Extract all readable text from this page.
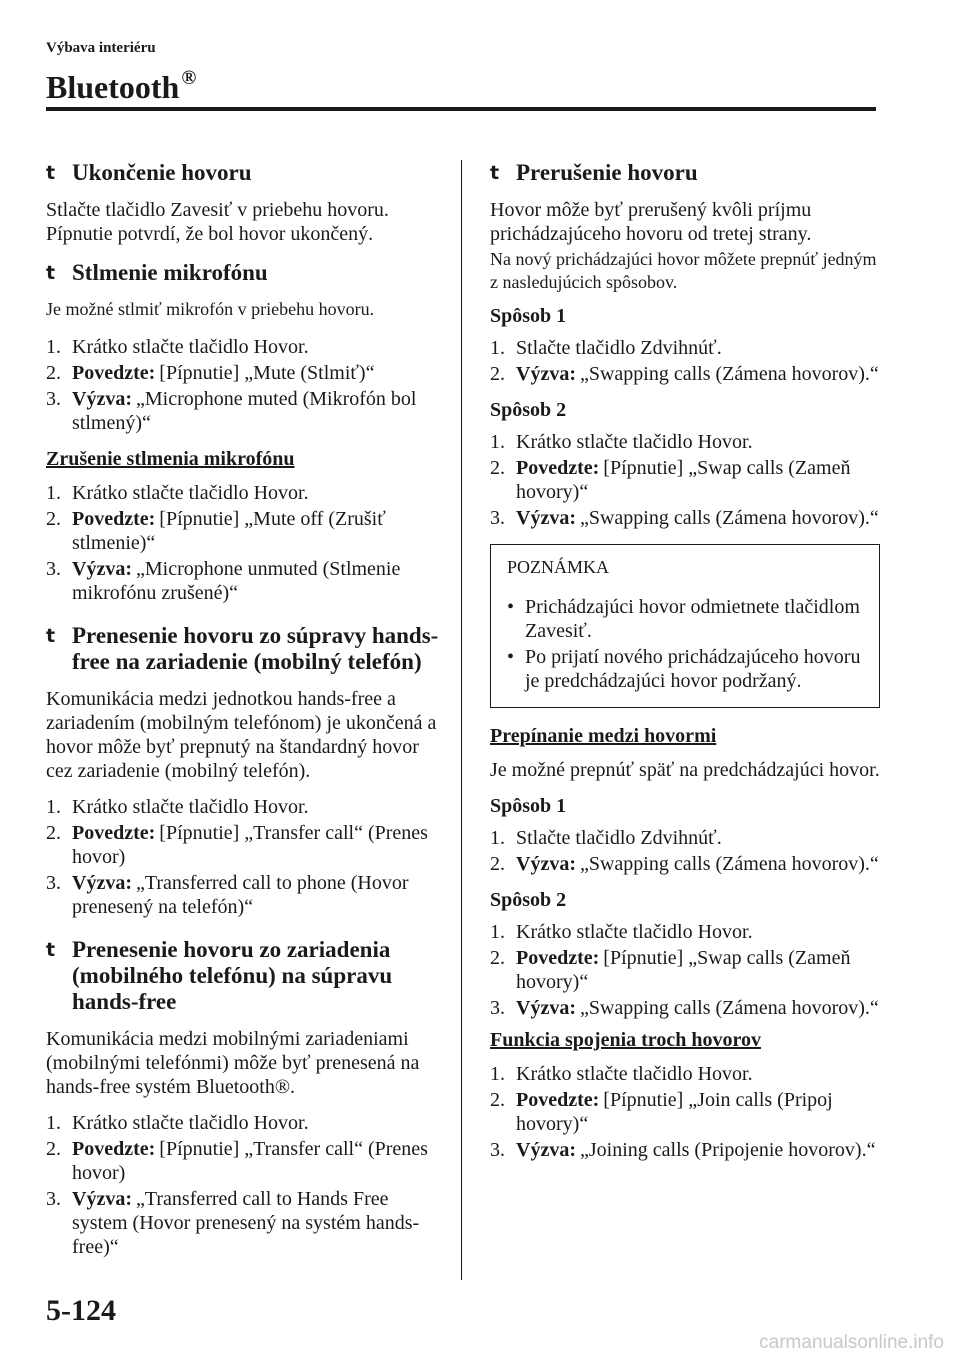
Výbava interiéru
Bluetooth ®
t Ukončenie hovoru
Stlačte tlačidlo Zavesiť v priebehu hovoru. Pípnutie potvrdí, že bol hovor ukončený.
t Stlmenie mikrofónu
Je možné stlmiť mikrofón v priebehu hovoru.
1. Krátko stlačte tlačidlo Hovor.
2. Povedzte: [Pípnutie] „Mute (Stlmiť)“
3. Výzva: „Microphone muted (Mikrofón bol stlmený)“
Zrušenie stlmenia mikrofónu
1. Krátko stlačte tlačidlo Hovor.
2. Povedzte: [Pípnutie] „Mute off (Zrušiť stlmenie)“
3. Výzva: „Microphone unmuted (Stlmenie mikrofónu zrušené)“
t Prenesenie hovoru zo súpravy hands-free na zariadenie (mobilný telefón)
Komunikácia medzi jednotkou hands-free a zariadením (mobilným telefónom) je ukončená a hovor môže byť prepnutý na štandardný hovor cez zariadenie (mobilný telefón).
1. Krátko stlačte tlačidlo Hovor.
2. Povedzte: [Pípnutie] „Transfer call“ (Prenes hovor)
3. Výzva: „Transferred call to phone (Hovor prenesený na telefón)“
t Prenesenie hovoru zo zariadenia (mobilného telefónu) na súpravu hands-free
Komunikácia medzi mobilnými zariadeniami (mobilnými telefónmi) môže byť prenesená na hands-free systém Bluetooth®.
1. Krátko stlačte tlačidlo Hovor.
2. Povedzte: [Pípnutie] „Transfer call“ (Prenes hovor)
3. Výzva: „Transferred call to Hands Free system (Hovor prenesený na systém hands-free)“
t Prerušenie hovoru
Hovor môže byť prerušený kvôli príjmu prichádzajúceho hovoru od tretej strany.
Na nový prichádzajúci hovor môžete prepnúť jedným z nasledujúcich spôsobov.
Spôsob 1
1. Stlačte tlačidlo Zdvihnúť.
2. Výzva: „Swapping calls (Zámena hovorov).“
Spôsob 2
1. Krátko stlačte tlačidlo Hovor.
2. Povedzte: [Pípnutie] „Swap calls (Zameň hovory)“
3. Výzva: „Swapping calls (Zámena hovorov).“
POZNÁMKA
• Prichádzajúci hovor odmietnete tlačidlom Zavesiť.
• Po prijatí nového prichádzajúceho hovoru je predchádzajúci hovor podržaný.
Prepínanie medzi hovormi
Je možné prepnúť späť na predchádzajúci hovor.
Spôsob 1
1. Stlačte tlačidlo Zdvihnúť.
2. Výzva: „Swapping calls (Zámena hovorov).“
Spôsob 2
1. Krátko stlačte tlačidlo Hovor.
2. Povedzte: [Pípnutie] „Swap calls (Zameň hovory)“
3. Výzva: „Swapping calls (Zámena hovorov).“
Funkcia spojenia troch hovorov
1. Krátko stlačte tlačidlo Hovor.
2. Povedzte: [Pípnutie] „Join calls (Pripoj hovory)“
3. Výzva: „Joining calls (Pripojenie hovorov).“
5-124
carmanualsonline.info
